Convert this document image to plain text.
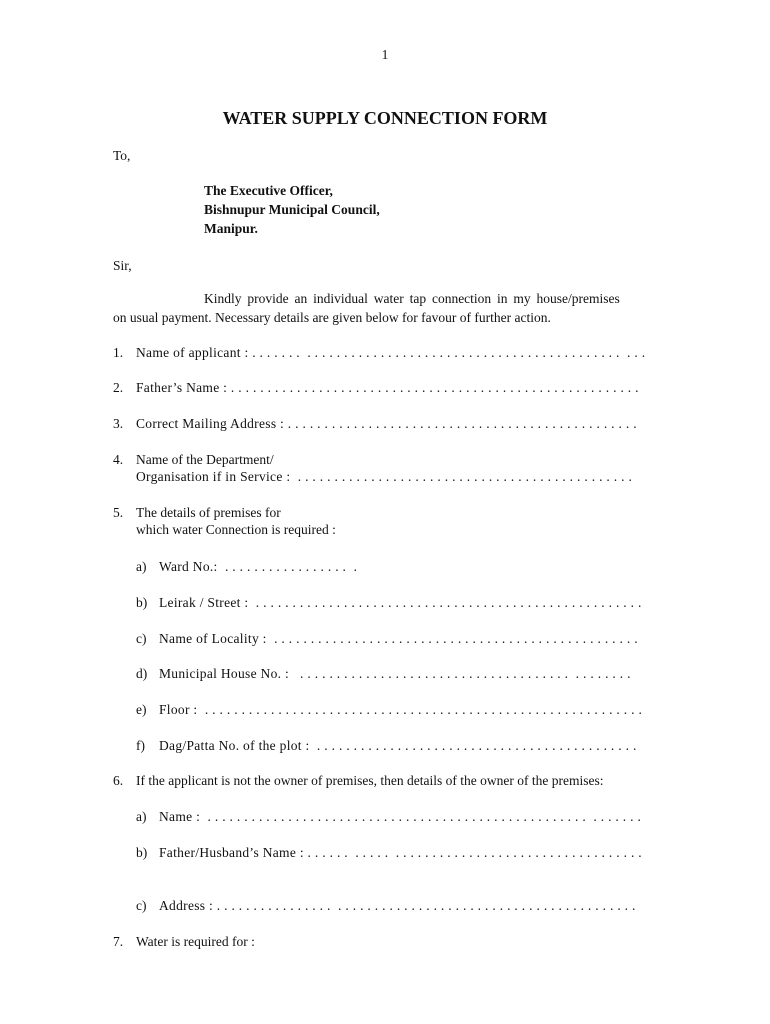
1
WATER SUPPLY CONNECTION FORM
To,
The Executive Officer,
Bishnupur Municipal Council,
Manipur.
Sir,
Kindly provide an individual water tap connection in my house/premises
on usual payment. Necessary details are given below for favour of further action.
1. Name of applicant : . . . . . . .  . . . . . . . . . . . . . . . . . . . . . . . . . . . . . . . . . . . . . . . . . . .  . . .
2. Father’s Name : . . . . . . . . . . . . . . . . . . . . . . . . . . . . . . . . . . . . . . . . . . . . . . . . . . . . . . . .
3. Correct Mailing Address : . . . . . . . . . . . . . . . . . . . . . . . . . . . . . . . . . . . . . . . . . . . . . . . .
4. Name of the Department/
Organisation if in Service :  . . . . . . . . . . . . . . . . . . . . . . . . . . . . . . . . . . . . . . . . . . . . . .
5. The details of premises for
which water Connection is required :
a) Ward No.:  . . . . . . . . . . . . . . . . .  .
b) Leirak / Street :  . . . . . . . . . . . . . . . . . . . . . . . . . . . . . . . . . . . . . . . . . . . . . . . . . . . . .
c) Name of Locality :  . . . . . . . . . . . . . . . . . . . . . . . . . . . . . . . . . . . . . . . . . . . . . . . . . .
d) Municipal House No. :   . . . . . . . . . . . . . . . . . . . . . . . . . . . . . . . . . . . . .  . . . . . . . .
e) Floor :  . . . . . . . . . . . . . . . . . . . . . . . . . . . . . . . . . . . . . . . . . . . . . . . . . . . . . . . . . . . .
f) Dag/Patta No. of the plot :  . . . . . . . . . . . . . . . . . . . . . . . . . . . . . . . . . . . . . . . . . . . .
6. If the applicant is not the owner of premises, then details of the owner of the premises:
a) Name :  . . . . . . . . . . . . . . . . . . . . . . . . . . . . . . . . . . . . . . . . . . . . . . . . . . . .  . . . . . . .
b) Father/Husband’s Name : . . . . . .  . . . . .  . . . . . . . . . . . . . . . . . . . . . . . . . . . . . . . . . .
c) Address : . . . . . . . . . . . . . . . .  . . . . . . . . . . . . . . . . . . . . . . . . . . . . . . . . . . . . . . . . .
7. Water is required for :
